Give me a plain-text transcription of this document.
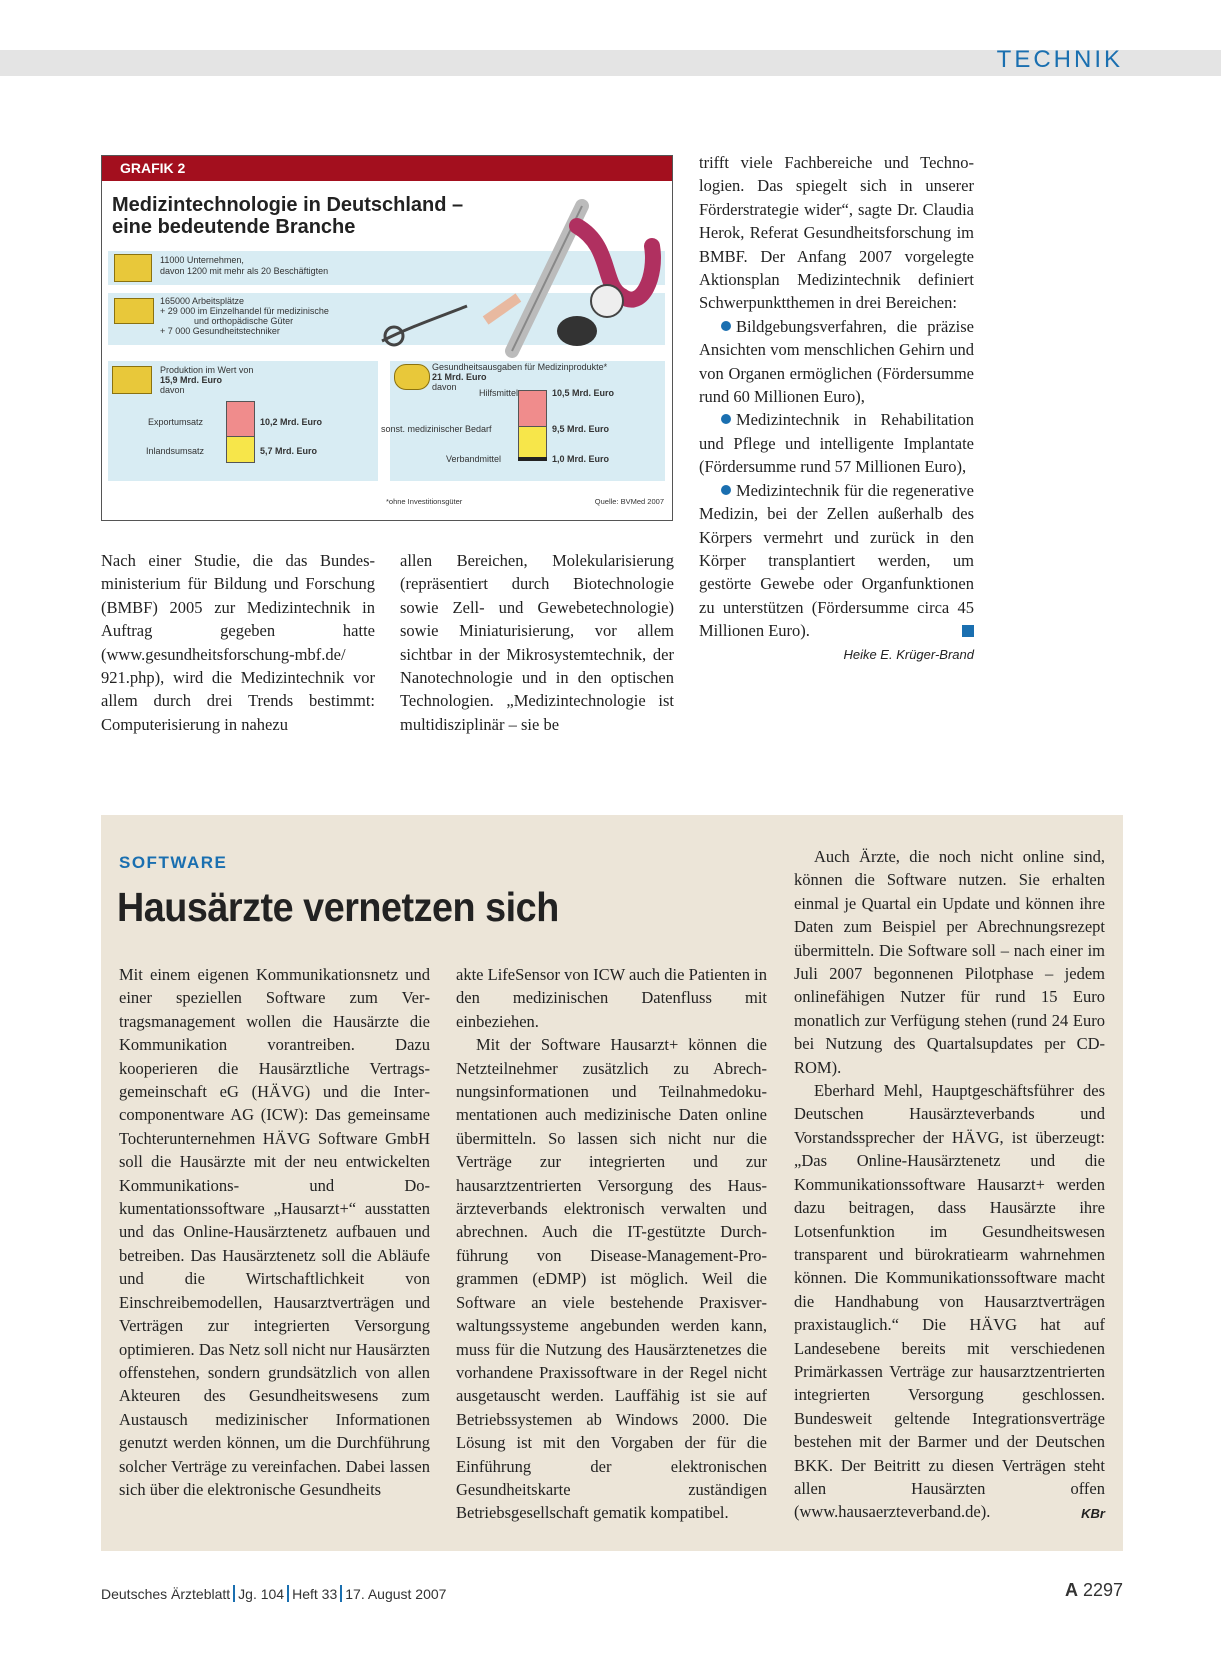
TECHNIK
GRAFIK 2
Medizintechnologie in Deutschland –
eine bedeutende Branche
11000 Unternehmen,
davon 1200 mit mehr als 20 Beschäftigten
165000 Arbeitsplätze
+ 29 000 im Einzelhandel für medizinische
und orthopädische Güter
+ 7 000 Gesundheitstechniker
Produktion im Wert von
15,9 Mrd. Euro
davon
Exportumsatz	10,2 Mrd. Euro
Inlandsumsatz	5,7 Mrd. Euro
Gesundheitsausgaben für Medizinprodukte*
21 Mrd. Euro
davon
Hilfsmittel	10,5 Mrd. Euro
sonst. medizinischer Bedarf	9,5 Mrd. Euro
Verbandmittel	1,0 Mrd. Euro
*ohne Investitionsgüter	Quelle: BVMed 2007

Nach einer Studie, die das Bundesministerium für Bildung und Forschung (BMBF) 2005 zur Medizintechnik in Auftrag gegeben hatte (www.gesundheitsforschung-mbf.de/ 921.php), wird die Medizintechnik vor allem durch drei Trends bestimmt: Computerisierung in nahezu

allen Bereichen, Molekularisierung (repräsentiert durch Biotechnologie sowie Zell- und Gewebetechnologie) sowie Miniaturisierung, vor allem sichtbar in der Mikrosystemtechnik, der Nanotechnologie und in den optischen Technologien. „Medizintechnologie ist multidisziplinär – sie be

trifft viele Fachbereiche und Technologien. Das spiegelt sich in unserer Förderstrategie wider“, sagte Dr. Claudia Herok, Referat Gesundheitsforschung im BMBF. Der Anfang 2007 vorgelegte Aktionsplan Medizintechnik definiert Schwerpunktthemen in drei Bereichen:

Bildgebungsverfahren, die präzise Ansichten vom menschlichen Gehirn und von Organen ermöglichen (Fördersumme rund 60 Millionen Euro),

Medizintechnik in Rehabilitation und Pflege und intelligente Implantate (Fördersumme rund 57 Millionen Euro),

Medizintechnik für die regenerative Medizin, bei der Zellen außerhalb des Körpers vermehrt und zurück in den Körper transplantiert werden, um gestörte Gewebe oder Organfunktionen zu unterstützen (Fördersumme circa 45 Millionen Euro).

Heike E. Krüger-Brand
SOFTWARE
Hausärzte vernetzen sich

Mit einem eigenen Kommunikationsnetz und einer speziellen Software zum Vertragsmanagement wollen die Hausärzte die Kommunikation vorantreiben. Dazu kooperieren die Hausärztliche Vertragsgemeinschaft eG (HÄVG) und die Intercomponentware AG (ICW): Das gemeinsame Tochterunternehmen HÄVG Software GmbH soll die Hausärzte mit der neu entwickelten Kommunikations- und Dokumentationssoftware „Hausarzt+“ ausstatten und das Online-Hausärztenetz aufbauen und betreiben. Das Hausärztenetz soll die Abläufe und die Wirtschaftlichkeit von Einschreibemodellen, Hausarztverträgen und Verträgen zur integrierten Versorgung optimieren. Das Netz soll nicht nur Hausärzten offenstehen, sondern grundsätzlich von allen Akteuren des Gesundheitswesens zum Austausch medizinischer Informationen genutzt werden können, um die Durchführung solcher Verträge zu vereinfachen. Dabei lassen sich über die elektronische Gesundheits

akte LifeSensor von ICW auch die Patienten in den medizinischen Datenfluss mit einbeziehen.

Mit der Software Hausarzt+ können die Netzteilnehmer zusätzlich zu Abrechnungsinformationen und Teilnahmedokumentationen auch medizinische Daten online übermitteln. So lassen sich nicht nur die Verträge zur integrierten und zur hausarztzentrierten Versorgung des Hausärzteverbands elektronisch verwalten und abrechnen. Auch die IT-gestützte Durchführung von Disease-Management-Programmen (eDMP) ist möglich. Weil die Software an viele bestehende Praxisverwaltungssysteme angebunden werden kann, muss für die Nutzung des Hausärztenetzes die vorhandene Praxissoftware in der Regel nicht ausgetauscht werden. Lauffähig ist sie auf Betriebssystemen ab Windows 2000. Die Lösung ist mit den Vorgaben der für die Einführung der elektronischen Gesundheitskarte zuständigen Betriebsgesellschaft gematik kompatibel.

Auch Ärzte, die noch nicht online sind, können die Software nutzen. Sie erhalten einmal je Quartal ein Update und können ihre Daten zum Beispiel per Abrechnungsrezept übermitteln. Die Software soll – nach einer im Juli 2007 begonnenen Pilotphase – jedem onlinefähigen Nutzer für rund 15 Euro monatlich zur Verfügung stehen (rund 24 Euro bei Nutzung des Quartalsupdates per CD-ROM).

Eberhard Mehl, Hauptgeschäftsführer des Deutschen Hausärzteverbands und Vorstandssprecher der HÄVG, ist überzeugt: „Das Online-Hausärztenetz und die Kommunikationssoftware Hausarzt+ werden dazu beitragen, dass Hausärzte ihre Lotsenfunktion im Gesundheitswesen transparent und bürokratiearm wahrnehmen können. Die Kommunikationssoftware macht die Handhabung von Hausarztverträgen praxistauglich.“ Die HÄVG hat auf Landesebene bereits mit verschiedenen Primärkassen Verträge zur hausarztzentrierten integrierten Versorgung geschlossen. Bundesweit geltende Integrationsverträge bestehen mit der Barmer und der Deutschen BKK. Der Beitritt zu diesen Verträgen steht allen Hausärzten offen (www.hausaerzteverband.de).	KBr

Deutsches Ärzteblatt Jg. 104 Heft 33 17. August 2007	A 2297
